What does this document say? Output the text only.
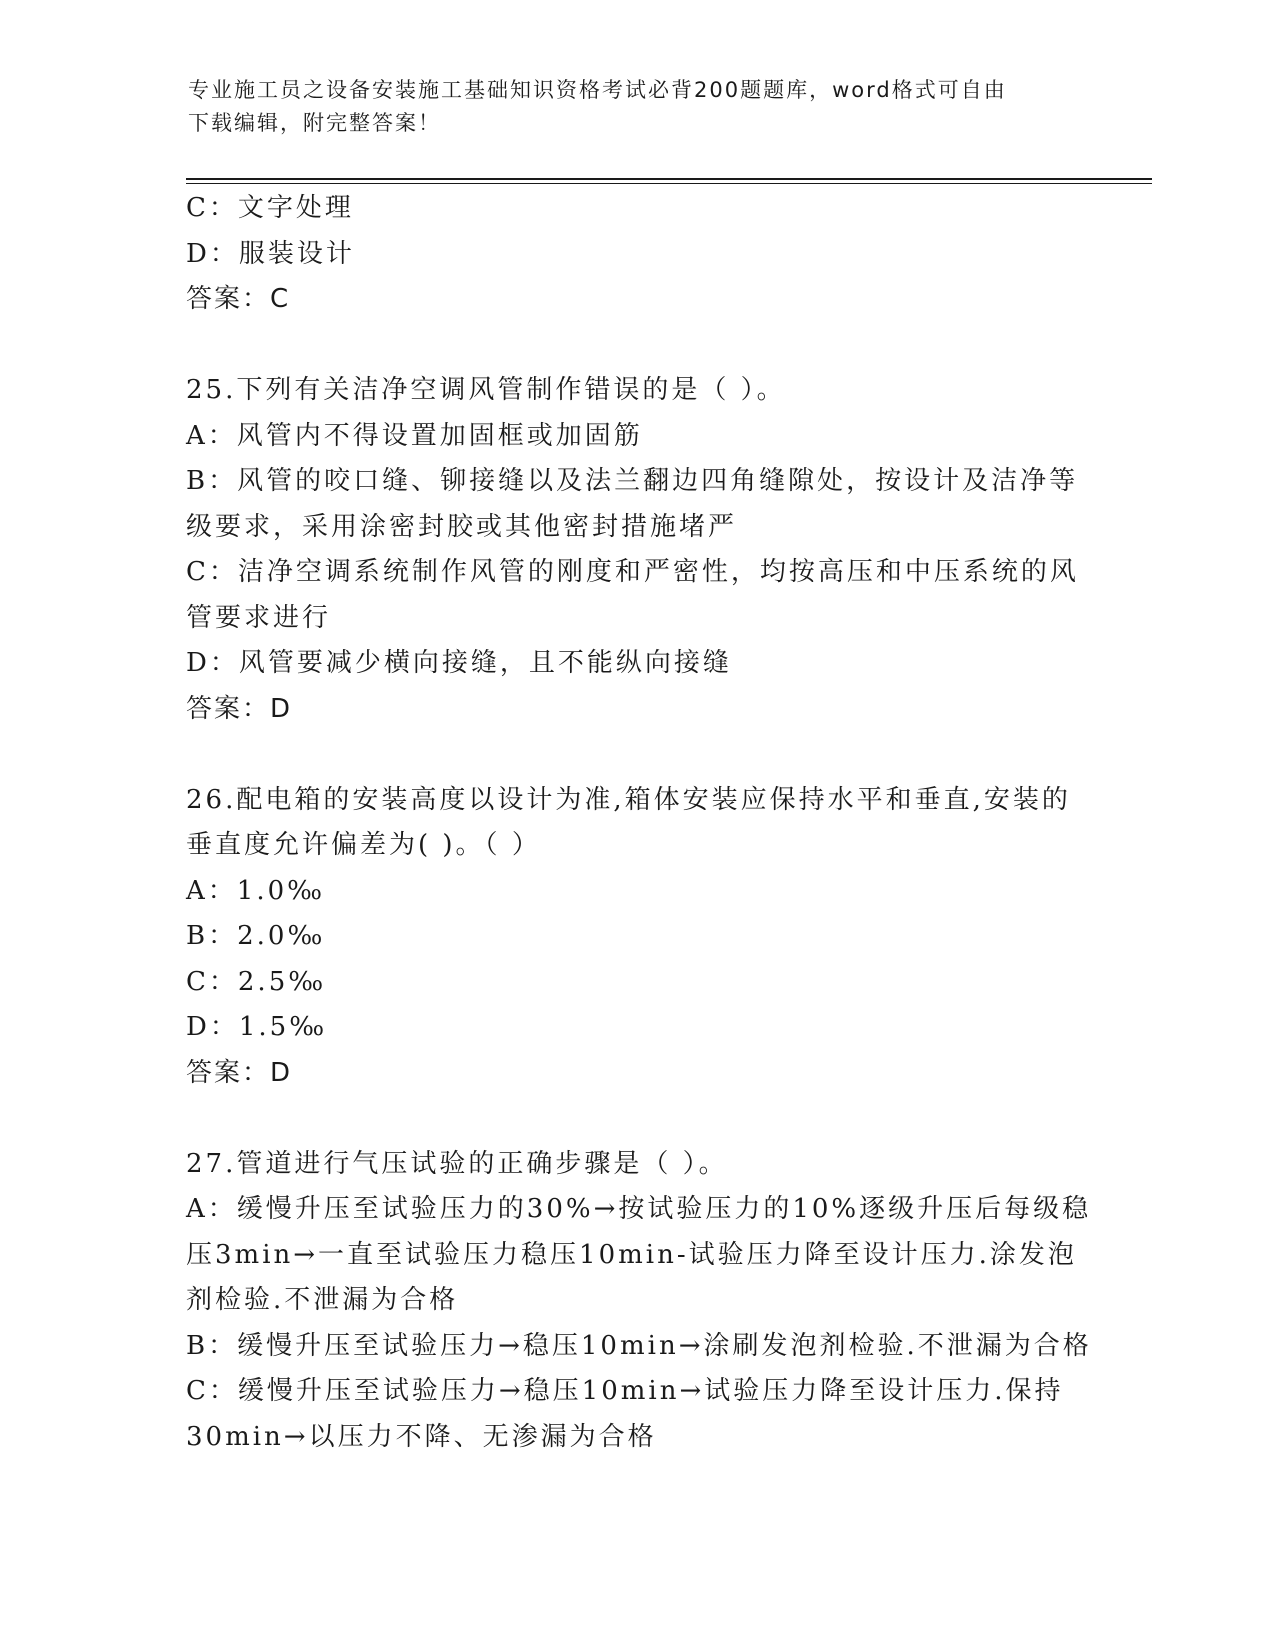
专业施工员之设备安装施工基础知识资格考试必背200题题库，word格式可自由
下载编辑，附完整答案！
C：文字处理
D：服装设计
答案：C
25.下列有关洁净空调风管制作错误的是（ ）。
A：风管内不得设置加固框或加固筋
B：风管的咬口缝、铆接缝以及法兰翻边四角缝隙处，按设计及洁净等
级要求，采用涂密封胶或其他密封措施堵严
C：洁净空调系统制作风管的刚度和严密性，均按高压和中压系统的风
管要求进行
D：风管要减少横向接缝，且不能纵向接缝
答案：D
26.配电箱的安装高度以设计为准,箱体安装应保持水平和垂直,安装的
垂直度允许偏差为( )。（ ）
A：1.0‰
B：2.0‰
C：2.5‰
D：1.5‰
答案：D
27.管道进行气压试验的正确步骤是（ ）。
A：缓慢升压至试验压力的30%→按试验压力的10%逐级升压后每级稳
压3min→一直至试验压力稳压10min-试验压力降至设计压力.涂发泡
剂检验.不泄漏为合格
B：缓慢升压至试验压力→稳压10min→涂刷发泡剂检验.不泄漏为合格
C：缓慢升压至试验压力→稳压10min→试验压力降至设计压力.保持
30min→以压力不降、无渗漏为合格
